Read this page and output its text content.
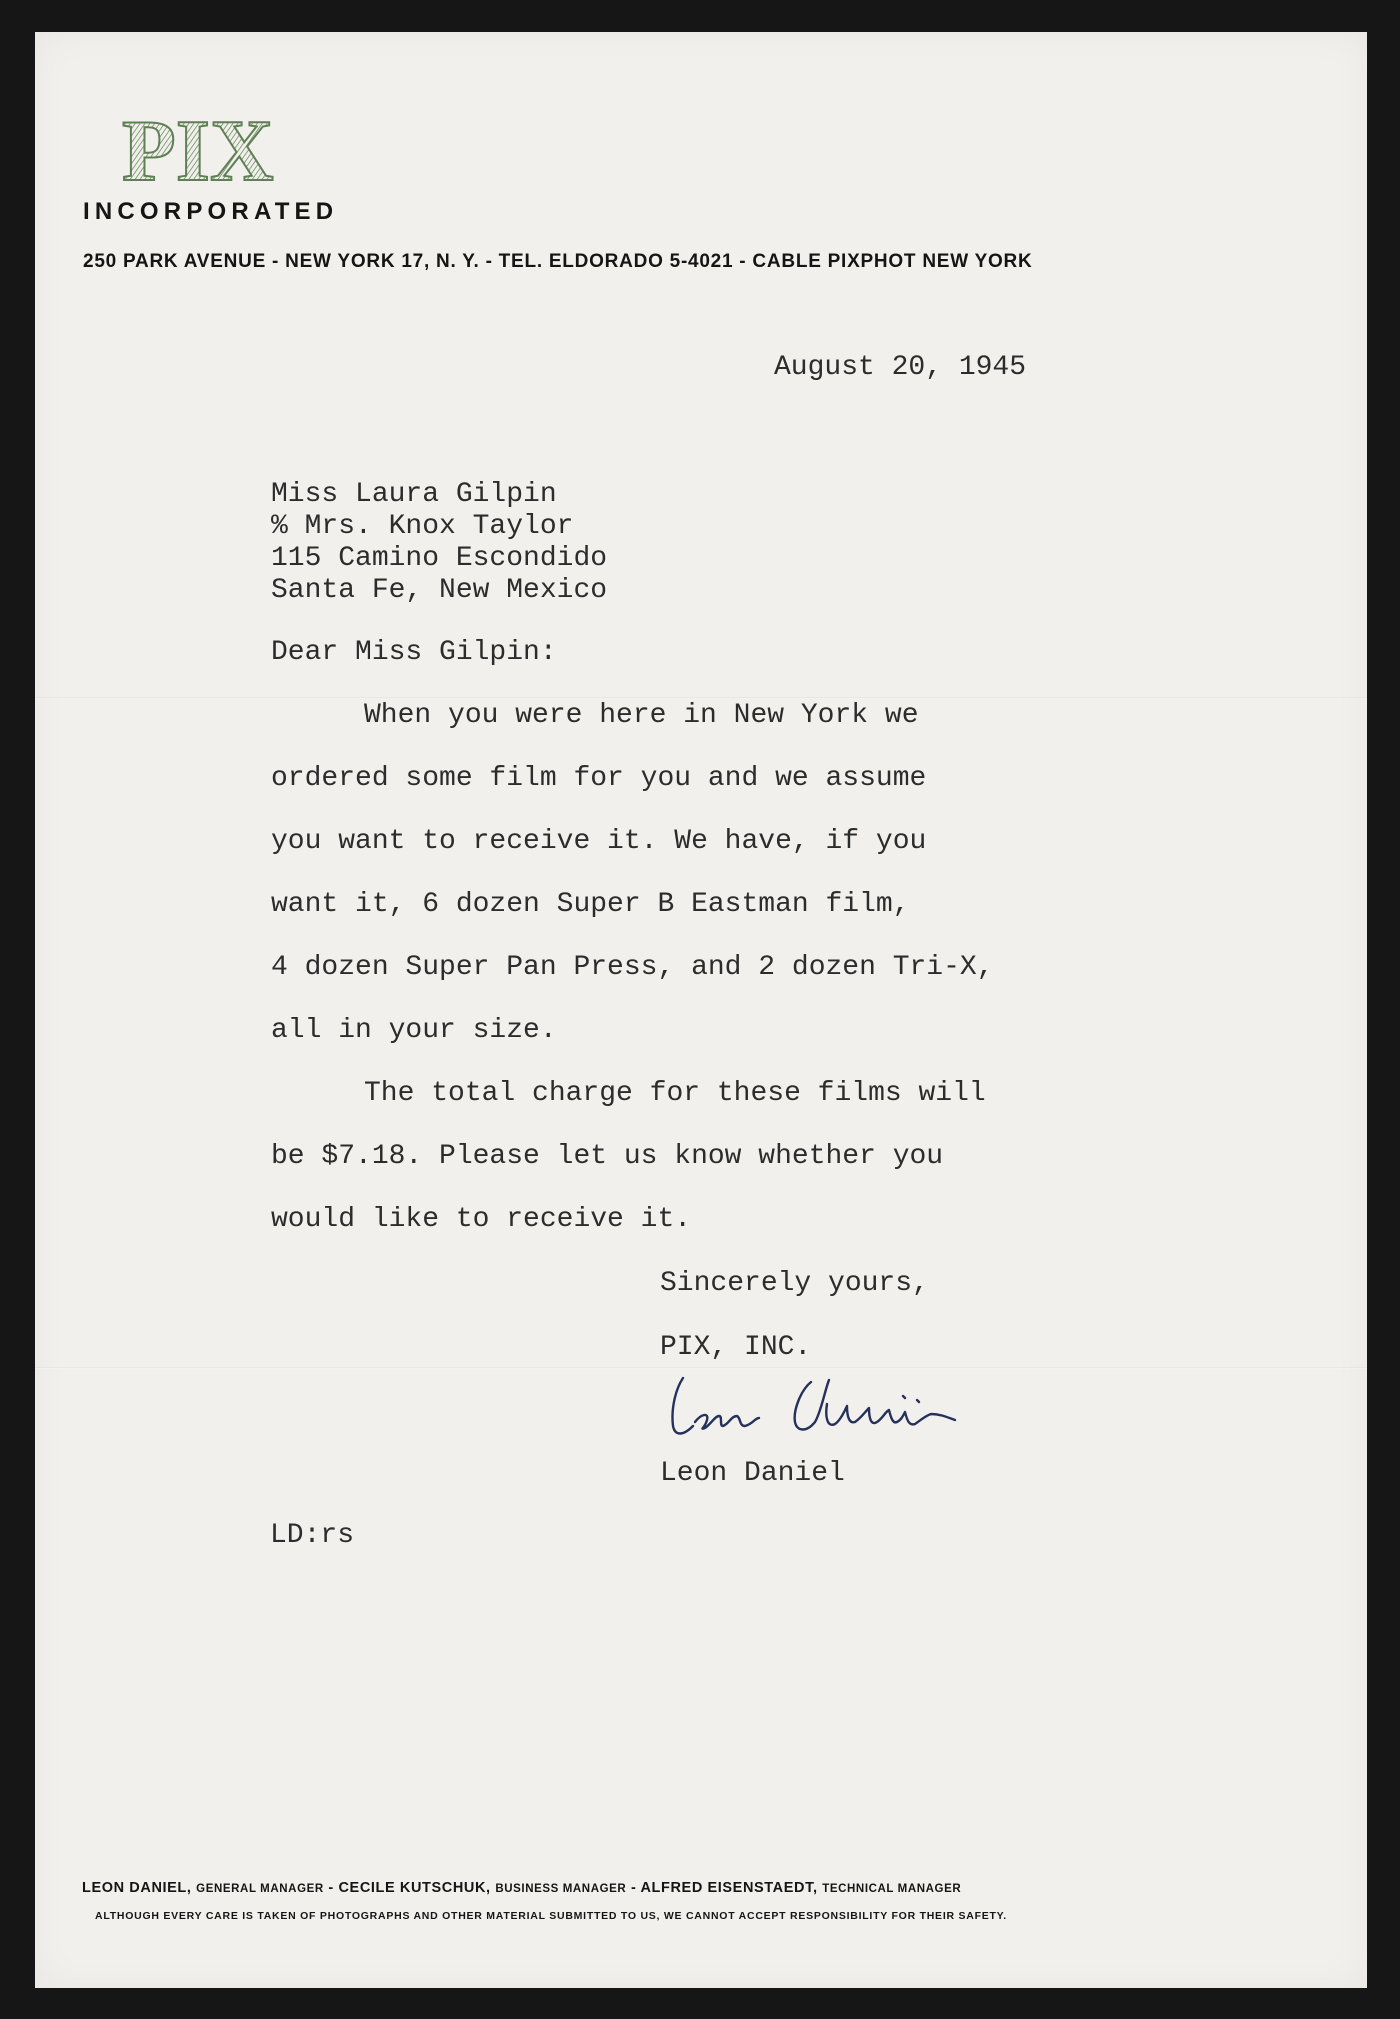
PIX

INCORPORATED

250 PARK AVENUE - NEW YORK 17, N. Y. - TEL. ELDORADO 5-4021 - CABLE PIXPHOT NEW YORK

August 20, 1945

Miss Laura Gilpin

% Mrs. Knox Taylor

115 Camino Escondido

Santa Fe, New Mexico

Dear Miss Gilpin:

When you were here in New York we

ordered some film for you and we assume

you want to receive it. We have, if you

want it, 6 dozen Super B Eastman film,

4 dozen Super Pan Press, and 2 dozen Tri-X,

all in your size.

The total charge for these films will

be $7.18. Please let us know whether you

would like to receive it.

Sincerely yours,

PIX, INC.

Leon Daniel

LD:rs

LEON DANIEL, GENERAL MANAGER - CECILE KUTSCHUK, BUSINESS MANAGER - ALFRED EISENSTAEDT, TECHNICAL MANAGER

ALTHOUGH EVERY CARE IS TAKEN OF PHOTOGRAPHS AND OTHER MATERIAL SUBMITTED TO US, WE CANNOT ACCEPT RESPONSIBILITY FOR THEIR SAFETY.
